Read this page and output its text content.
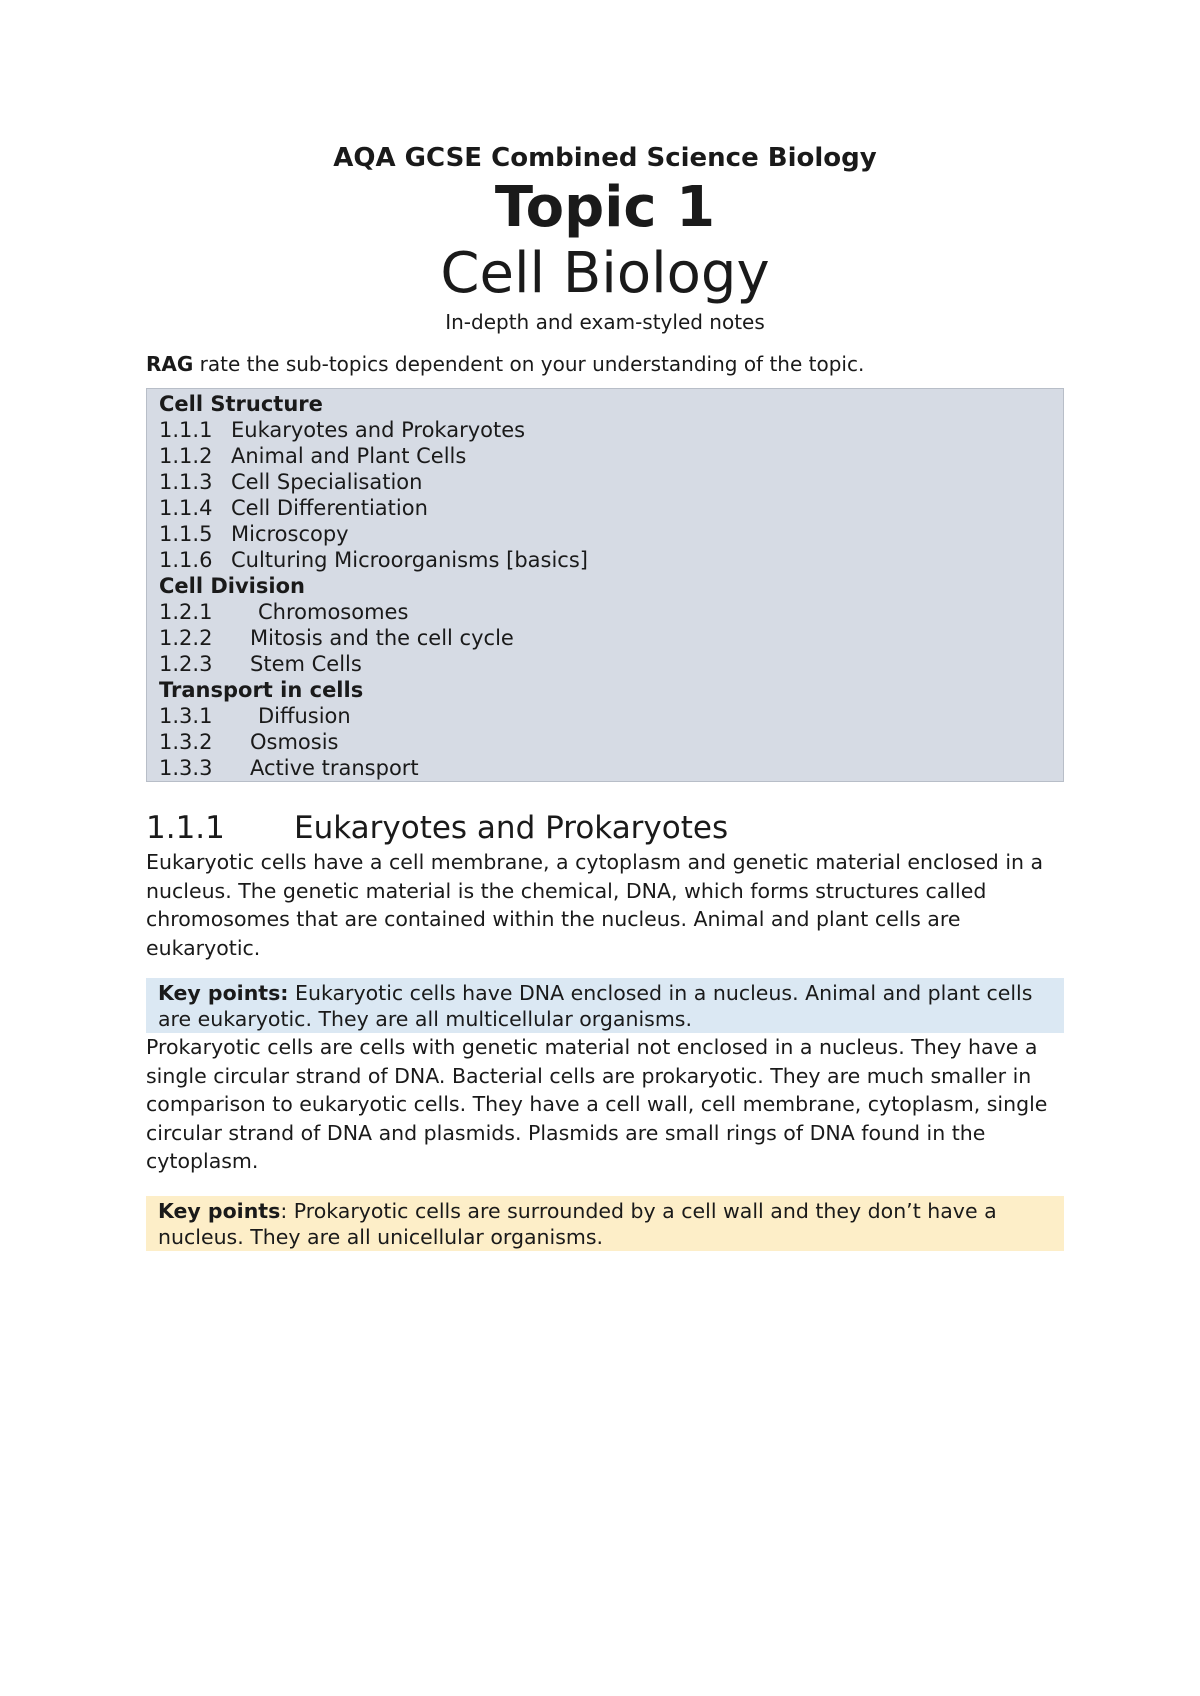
AQA GCSE Combined Science Biology
Topic 1
Cell Biology
In-depth and exam-styled notes
RAG rate the sub-topics dependent on your understanding of the topic.
Cell Structure
1.1.1 Eukaryotes and Prokaryotes
1.1.2 Animal and Plant Cells
1.1.3 Cell Specialisation
1.1.4 Cell Differentiation
1.1.5 Microscopy
1.1.6 Culturing Microorganisms [basics]
Cell Division
1.2.1	Chromosomes
1.2.2	Mitosis and the cell cycle
1.2.3	Stem Cells
Transport in cells
1.3.1	Diffusion
1.3.2	Osmosis
1.3.3	Active transport
1.1.1	Eukaryotes and Prokaryotes

Eukaryotic cells have a cell membrane, a cytoplasm and genetic material enclosed in a nucleus. The genetic material is the chemical, DNA, which forms structures called chromosomes that are contained within the nucleus. Animal and plant cells are eukaryotic.

Key points: Eukaryotic cells have DNA enclosed in a nucleus. Animal and plant cells are eukaryotic. They are all multicellular organisms.

Prokaryotic cells are cells with genetic material not enclosed in a nucleus. They have a single circular strand of DNA. Bacterial cells are prokaryotic. They are much smaller in comparison to eukaryotic cells. They have a cell wall, cell membrane, cytoplasm, single circular strand of DNA and plasmids. Plasmids are small rings of DNA found in the cytoplasm.

Key points: Prokaryotic cells are surrounded by a cell wall and they don’t have a nucleus. They are all unicellular organisms.
